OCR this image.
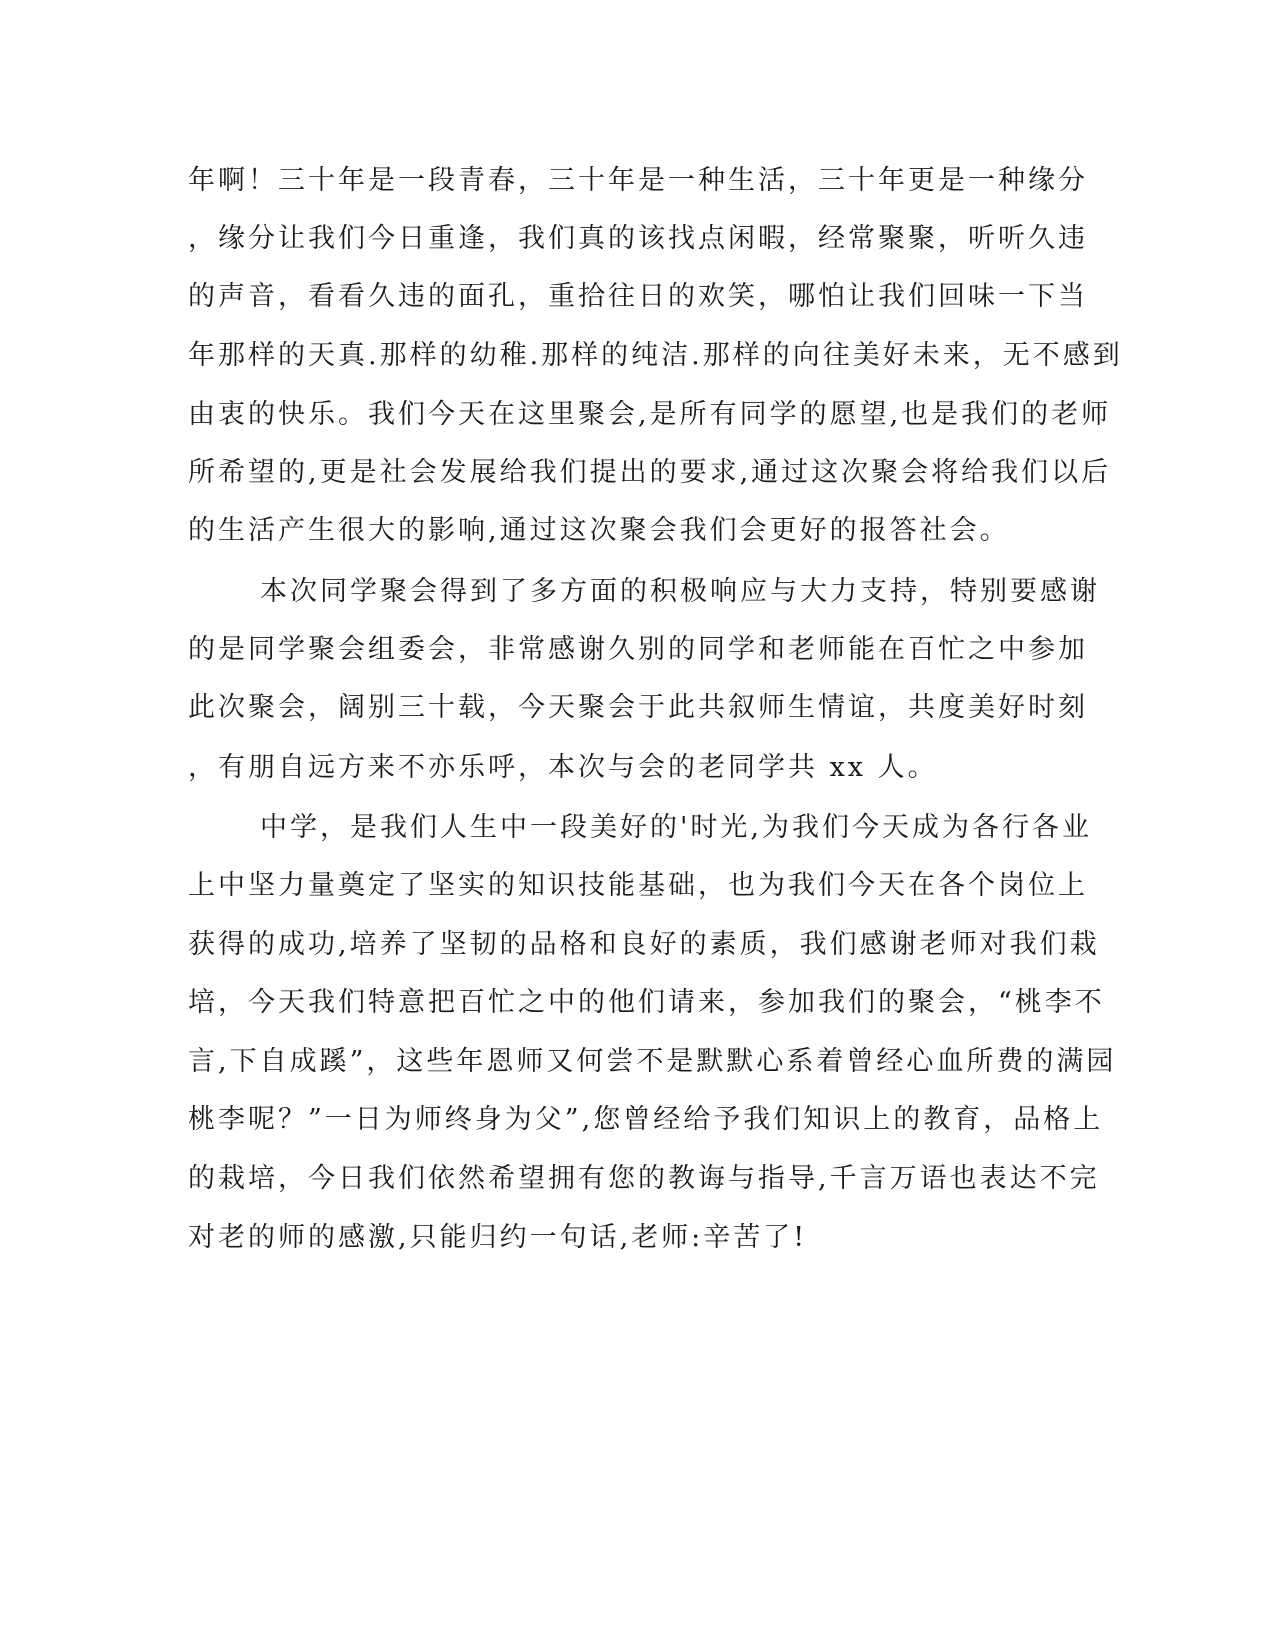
年啊！三十年是一段青春，三十年是一种生活，三十年更是一种缘分
，缘分让我们今日重逢，我们真的该找点闲暇，经常聚聚，听听久违
的声音，看看久违的面孔，重拾往日的欢笑，哪怕让我们回味一下当
年那样的天真.那样的幼稚.那样的纯洁.那样的向往美好未来，无不感到
由衷的快乐。我们今天在这里聚会,是所有同学的愿望,也是我们的老师
所希望的,更是社会发展给我们提出的要求,通过这次聚会将给我们以后
的生活产生很大的影响,通过这次聚会我们会更好的报答社会。
本次同学聚会得到了多方面的积极响应与大力支持，特别要感谢
的是同学聚会组委会，非常感谢久别的同学和老师能在百忙之中参加
此次聚会，阔别三十载，今天聚会于此共叙师生情谊，共度美好时刻
，有朋自远方来不亦乐呼，本次与会的老同学共 xx 人。
中学，是我们人生中一段美好的'时光,为我们今天成为各行各业
上中坚力量奠定了坚实的知识技能基础，也为我们今天在各个岗位上
获得的成功,培养了坚韧的品格和良好的素质，我们感谢老师对我们栽
培，今天我们特意把百忙之中的他们请来，参加我们的聚会，“桃李不
言,下自成蹊”，这些年恩师又何尝不是默默心系着曾经心血所费的满园
桃李呢？”一日为师终身为父”,您曾经给予我们知识上的教育，品格上
的栽培，今日我们依然希望拥有您的教诲与指导,千言万语也表达不完
对老的师的感激,只能归约一句话,老师:辛苦了!
